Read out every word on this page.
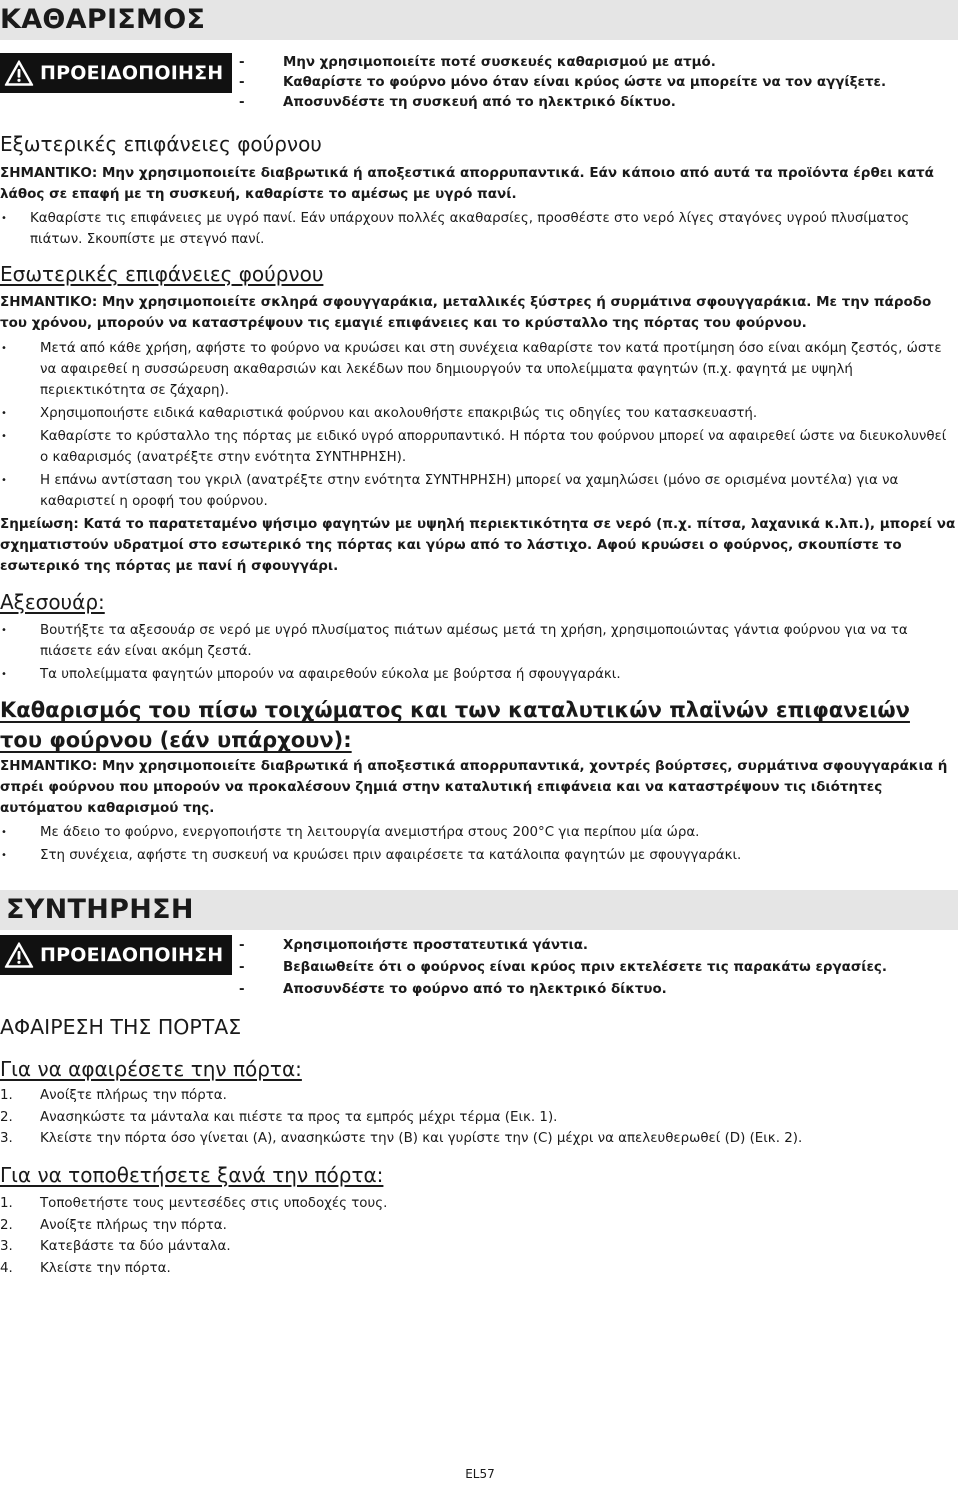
ΚΑΘΑΡΙΣΜΟΣ
ΠΡΟΕΙΔΟΠΟΙΗΣΗ	- Μην χρησιμοποιείτε ποτέ συσκευές καθαρισμού με ατμό.
- Καθαρίστε το φούρνο μόνο όταν είναι κρύος ώστε να μπορείτε να τον αγγίξετε.
- Αποσυνδέστε τη συσκευή από το ηλεκτρικό δίκτυο.
Εξωτερικές επιφάνειες φούρνου

ΣΗΜΑΝΤΙΚΟ: Μην χρησιμοποιείτε διαβρωτικά ή αποξεστικά απορρυπαντικά. Εάν κάποιο από αυτά τα προϊόντα έρθει κατά λάθος σε επαφή με τη συσκευή, καθαρίστε το αμέσως με υγρό πανί.

• Καθαρίστε τις επιφάνειες με υγρό πανί. Εάν υπάρχουν πολλές ακαθαρσίες, προσθέστε στο νερό λίγες σταγόνες υγρού πλυσίματος πιάτων. Σκουπίστε με στεγνό πανί.
Εσωτερικές επιφάνειες φούρνου

ΣΗΜΑΝΤΙΚΟ: Μην χρησιμοποιείτε σκληρά σφουγγαράκια, μεταλλικές ξύστρες ή συρμάτινα σφουγγαράκια. Με την πάροδο του χρόνου, μπορούν να καταστρέψουν τις εμαγιέ επιφάνειες και το κρύσταλλο της πόρτας του φούρνου.

• Μετά από κάθε χρήση, αφήστε το φούρνο να κρυώσει και στη συνέχεια καθαρίστε τον κατά προτίμηση όσο είναι ακόμη ζεστός, ώστε να αφαιρεθεί η συσσώρευση ακαθαρσιών και λεκέδων που δημιουργούν τα υπολείμματα φαγητών (π.χ. φαγητά με υψηλή περιεκτικότητα σε ζάχαρη).
• Χρησιμοποιήστε ειδικά καθαριστικά φούρνου και ακολουθήστε επακριβώς τις οδηγίες του κατασκευαστή.
• Καθαρίστε το κρύσταλλο της πόρτας με ειδικό υγρό απορρυπαντικό. Η πόρτα του φούρνου μπορεί να αφαιρεθεί ώστε να διευκολυνθεί ο καθαρισμός (ανατρέξτε στην ενότητα ΣΥΝΤΗΡΗΣΗ).
• Η επάνω αντίσταση του γκριλ (ανατρέξτε στην ενότητα ΣΥΝΤΗΡΗΣΗ) μπορεί να χαμηλώσει (μόνο σε ορισμένα μοντέλα) για να καθαριστεί η οροφή του φούρνου.

Σημείωση: Κατά το παρατεταμένο ψήσιμο φαγητών με υψηλή περιεκτικότητα σε νερό (π.χ. πίτσα, λαχανικά κ.λπ.), μπορεί να σχηματιστούν υδρατμοί στο εσωτερικό της πόρτας και γύρω από το λάστιχο. Αφού κρυώσει ο φούρνος, σκουπίστε το εσωτερικό της πόρτας με πανί ή σφουγγάρι.

Αξεσουάρ:
• Βουτήξτε τα αξεσουάρ σε νερό με υγρό πλυσίματος πιάτων αμέσως μετά τη χρήση, χρησιμοποιώντας γάντια φούρνου για να τα πιάσετε εάν είναι ακόμη ζεστά.
• Τα υπολείμματα φαγητών μπορούν να αφαιρεθούν εύκολα με βούρτσα ή σφουγγαράκι.
Καθαρισμός του πίσω τοιχώματος και των καταλυτικών πλαϊνών επιφανειών του φούρνου (εάν υπάρχουν):

ΣΗΜΑΝΤΙΚΟ: Μην χρησιμοποιείτε διαβρωτικά ή αποξεστικά απορρυπαντικά, χοντρές βούρτσες, συρμάτινα σφουγγαράκια ή σπρέι φούρνου που μπορούν να προκαλέσουν ζημιά στην καταλυτική επιφάνεια και να καταστρέψουν τις ιδιότητες αυτόματου καθαρισμού της.

• Με άδειο το φούρνο, ενεργοποιήστε τη λειτουργία ανεμιστήρα στους 200°C για περίπου μία ώρα.
• Στη συνέχεια, αφήστε τη συσκευή να κρυώσει πριν αφαιρέσετε τα κατάλοιπα φαγητών με σφουγγαράκι.
ΣΥΝΤΗΡΗΣΗ
ΠΡΟΕΙΔΟΠΟΙΗΣΗ	- Χρησιμοποιήστε προστατευτικά γάντια.
- Βεβαιωθείτε ότι ο φούρνος είναι κρύος πριν εκτελέσετε τις παρακάτω εργασίες.
- Αποσυνδέστε το φούρνο από το ηλεκτρικό δίκτυο.
ΑΦΑΙΡΕΣΗ ΤΗΣ ΠΟΡΤΑΣ
Για να αφαιρέσετε την πόρτα:
1. Ανοίξτε πλήρως την πόρτα.
2. Ανασηκώστε τα μάνταλα και πιέστε τα προς τα εμπρός μέχρι τέρμα (Εικ. 1).
3. Κλείστε την πόρτα όσο γίνεται (A), ανασηκώστε την (B) και γυρίστε την (C) μέχρι να απελευθερωθεί (D) (Εικ. 2).
Για να τοποθετήσετε ξανά την πόρτα:
1. Τοποθετήστε τους μεντεσέδες στις υποδοχές τους.
2. Ανοίξτε πλήρως την πόρτα.
3. Κατεβάστε τα δύο μάνταλα.
4. Κλείστε την πόρτα.
EL57
